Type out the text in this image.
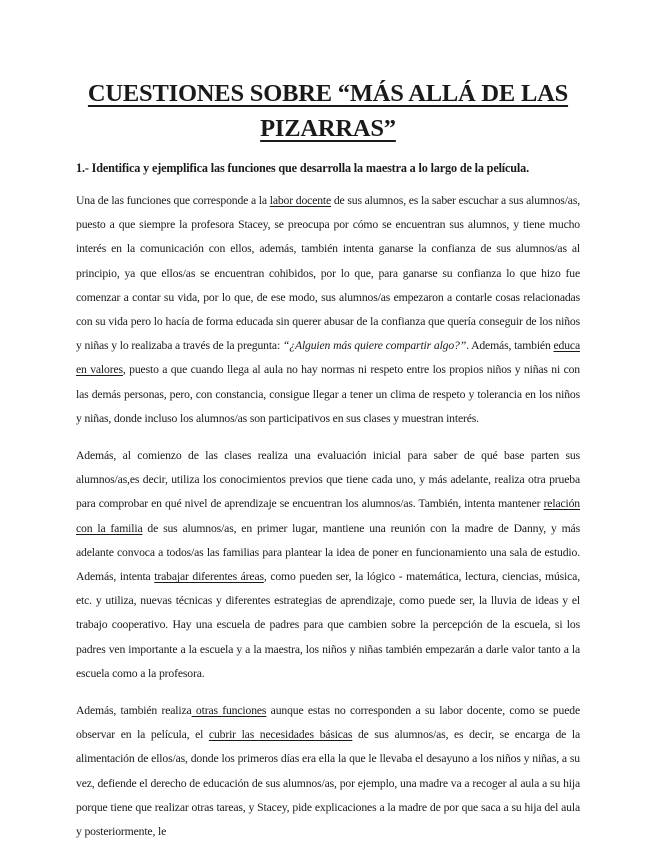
CUESTIONES SOBRE “MÁS ALLÁ DE LAS
PIZARRAS”

1.- Identifica y ejemplifica las funciones que desarrolla la maestra a lo largo de la película.

Una de las funciones que corresponde a la labor docente de sus alumnos, es la saber escuchar a sus alumnos/as, puesto a que siempre la profesora Stacey, se preocupa por cómo se encuentran sus alumnos, y tiene mucho interés en la comunicación con ellos, además, también intenta ganarse la confianza de sus alumnos/as al principio, ya que ellos/as se encuentran cohibidos, por lo que, para ganarse su confianza lo que hizo fue comenzar a contar su vida, por lo que, de ese modo, sus alumnos/as empezaron a contarle cosas relacionadas con su vida pero lo hacía de forma educada sin querer abusar de la confianza que quería conseguir de los niños y niñas y lo realizaba a través de la pregunta: “¿Alguien más quiere compartir algo?”. Además, también educa en valores, puesto a que cuando llega al aula no hay normas ni respeto entre los propios niños y niñas ni con las demás personas, pero, con constancia, consigue llegar a tener un clima de respeto y tolerancia en los niños y niñas, donde incluso los alumnos/as son participativos en sus clases y muestran interés.

Además, al comienzo de las clases realiza una evaluación inicial para saber de qué base parten sus alumnos/as,es decir, utiliza los conocimientos previos que tiene cada uno, y más adelante, realiza otra prueba para comprobar en qué nivel de aprendizaje se encuentran los alumnos/as. También, intenta mantener relación con la familia de sus alumnos/as, en primer lugar, mantiene una reunión con la madre de Danny, y más adelante convoca a todos/as las familias para plantear la idea de poner en funcionamiento una sala de estudio. Además, intenta trabajar diferentes áreas, como pueden ser, la lógico - matemática, lectura, ciencias, música, etc. y utiliza, nuevas técnicas y diferentes estrategias de aprendizaje, como puede ser, la lluvia de ideas y el trabajo cooperativo. Hay una escuela de padres para que cambien sobre la percepción de la escuela, si los padres ven importante a la escuela y a la maestra, los niños y niñas también empezarán a darle valor tanto a la escuela como a la profesora.

Además, también realiza otras funciones aunque estas no corresponden a su labor docente, como se puede observar en la película, el cubrir las necesidades básicas de sus alumnos/as, es decir, se encarga de la alimentación de ellos/as, donde los primeros días era ella la que le llevaba el desayuno a los niños y niñas, a su vez, defiende el derecho de educación de sus alumnos/as, por ejemplo, una madre va a recoger al aula a su hija porque tiene que realizar otras tareas, y Stacey, pide explicaciones a la madre de por que saca a su hija del aula y posteriormente, le
